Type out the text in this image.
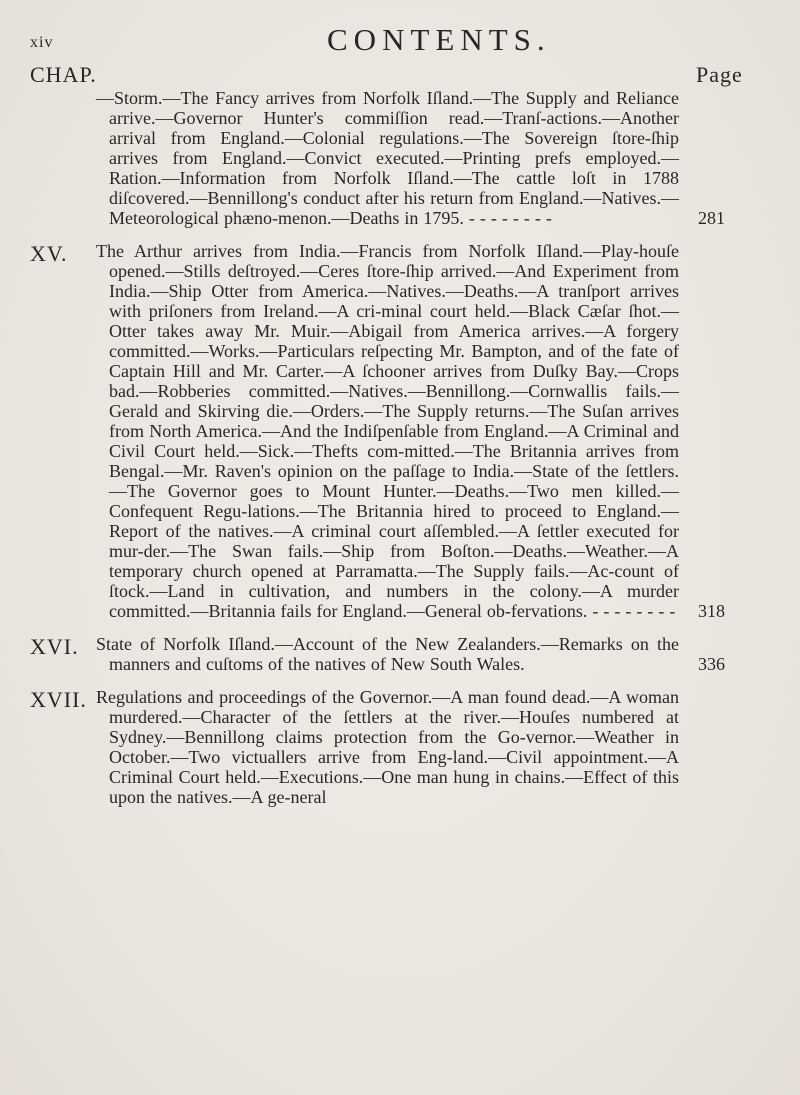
xiv	CONTENTS.
CHAP.	Page
—Storm.—The Fancy arrives from Norfolk Iſland.—The Supply and Reliance arrive.—Governor Hunter's commiſſion read.—Tranſ-actions.—Another arrival from England.—Colonial regulations.—The Sovereign ſtore-ſhip arrives from England.—Convict executed.—Printing prefs employed.—Ration.—Information from Norfolk Iſland.—The cattle loſt in 1788 diſcovered.—Bennillong's conduct after his return from England.—Natives.—Meteorological phæno-menon.—Deaths in 1795. - - - - - - - -	281
XV. The Arthur arrives from India.—Francis from Norfolk Iſland.—Play-houſe opened.—Stills deſtroyed.—Ceres ſtore-ſhip arrived.—And Experiment from India.—Ship Otter from America.—Natives.—Deaths.—A tranſport arrives with priſoners from Ireland.—A cri-minal court held.—Black Cæſar ſhot.—Otter takes away Mr. Muir.—Abigail from America arrives.—A forgery committed.—Works.—Particulars reſpecting Mr. Bampton, and of the fate of Captain Hill and Mr. Carter.—A ſchooner arrives from Duſky Bay.—Crops bad.—Robberies committed.—Natives.—Bennillong.—Cornwallis fails.—Gerald and Skirving die.—Orders.—The Supply returns.—The Suſan arrives from North America.—And the Indiſpenſable from England.—A Criminal and Civil Court held.—Sick.—Thefts com-mitted.—The Britannia arrives from Bengal.—Mr. Raven's opinion on the paſſage to India.—State of the ſettlers.—The Governor goes to Mount Hunter.—Deaths.—Two men killed.—Confequent Regu-lations.—The Britannia hired to proceed to England.—Report of the natives.—A criminal court aſſembled.—A ſettler executed for mur-der.—The Swan fails.—Ship from Boſton.—Deaths.—Weather.—A temporary church opened at Parramatta.—The Supply fails.—Ac-count of ſtock.—Land in cultivation, and numbers in the colony.—A murder committed.—Britannia fails for England.—General ob-fervations. - - - - - - - - 318
XVI. State of Norfolk Iſland.—Account of the New Zealanders.—Remarks on the manners and cuſtoms of the natives of New South Wales.	336
XVII. Regulations and proceedings of the Governor.—A man found dead.—A woman murdered.—Character of the ſettlers at the river.—Houſes numbered at Sydney.—Bennillong claims protection from the Go-vernor.—Weather in October.—Two victuallers arrive from Eng-land.—Civil appointment.—A Criminal Court held.—Executions.—One man hung in chains.—Effect of this upon the natives.—A ge-neral
